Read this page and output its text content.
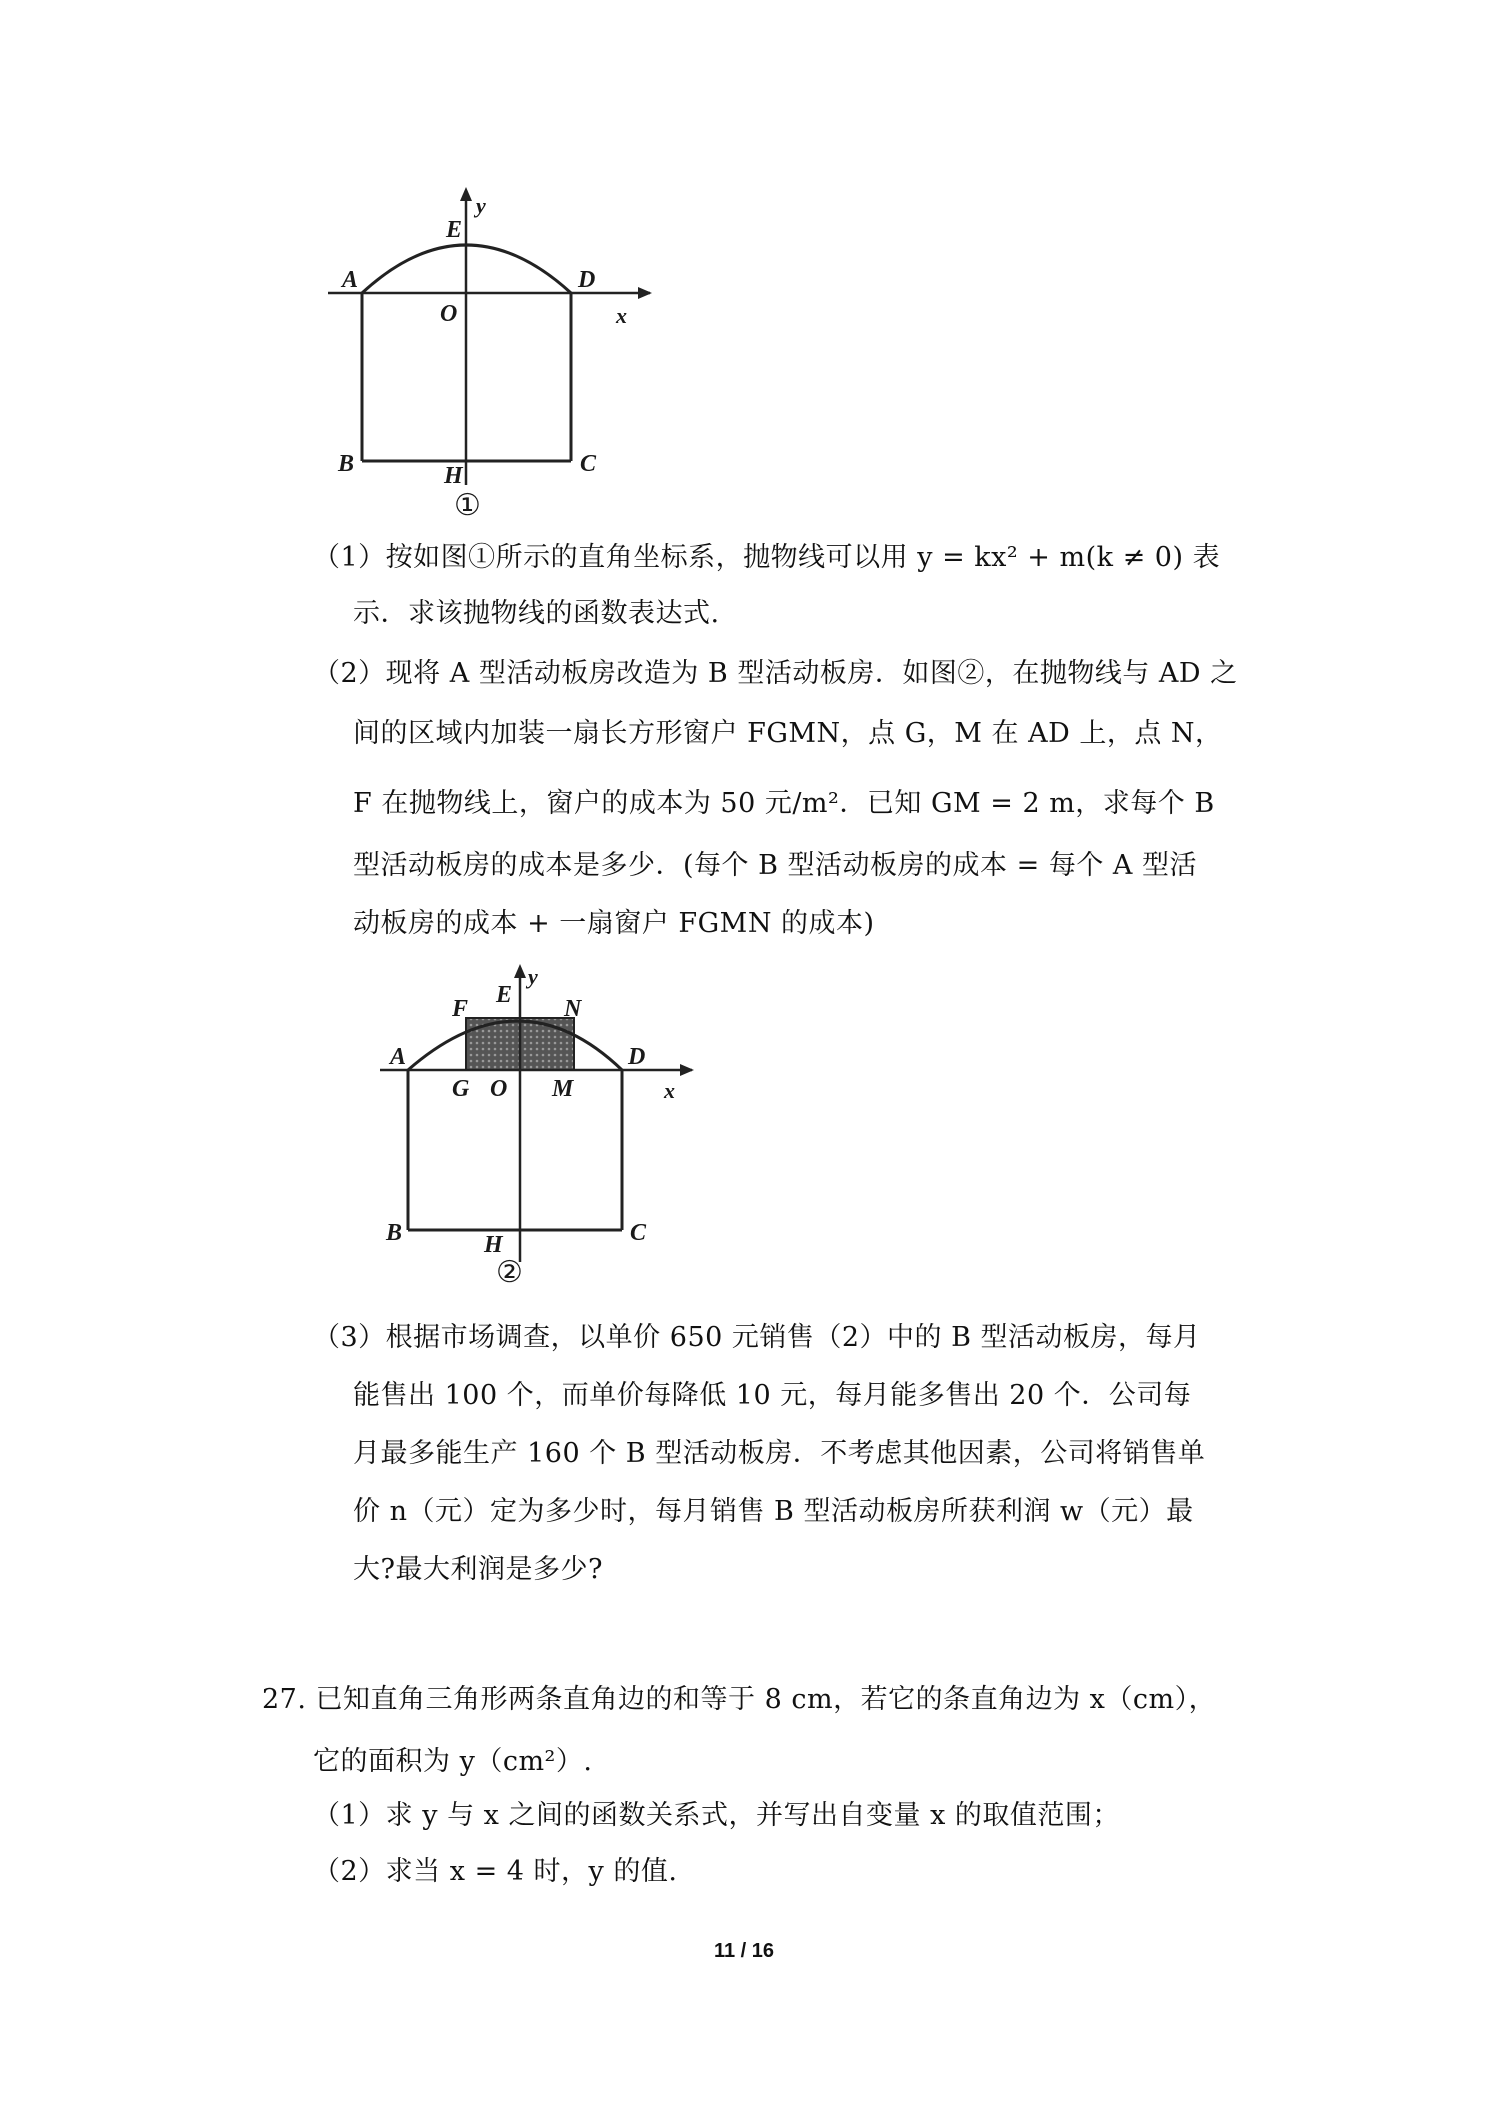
A	D
E
y
O	x
B	C
H
①
（1）按如图①所示的直角坐标系，抛物线可以用 y = kx² + m(k ≠ 0) 表
示．求该抛物线的函数表达式.
（2）现将 A 型活动板房改造为 B 型活动板房．如图②，在抛物线与 AD 之
间的区域内加装一扇长方形窗户 FGMN，点 G，M 在 AD 上，点 N，
F 在抛物线上，窗户的成本为 50 元/m²．已知 GM = 2 m，求每个 B
型活动板房的成本是多少．(每个 B 型活动板房的成本 = 每个 A 型活
动板房的成本 + 一扇窗户 FGMN 的成本)
A	D
F
E
y
N
G O M	x
B	C
H
②
（3）根据市场调查，以单价 650 元销售（2）中的 B 型活动板房，每月
能售出 100 个，而单价每降低 10 元，每月能多售出 20 个．公司每
月最多能生产 160 个 B 型活动板房．不考虑其他因素，公司将销售单
价 n（元）定为多少时，每月销售 B 型活动板房所获利润 w（元）最
大?最大利润是多少?
27. 已知直角三角形两条直角边的和等于 8 cm，若它的条直角边为 x（cm），
它的面积为 y（cm²）.
（1）求 y 与 x 之间的函数关系式，并写出自变量 x 的取值范围；
（2）求当 x = 4 时，y 的值.
11 / 16
